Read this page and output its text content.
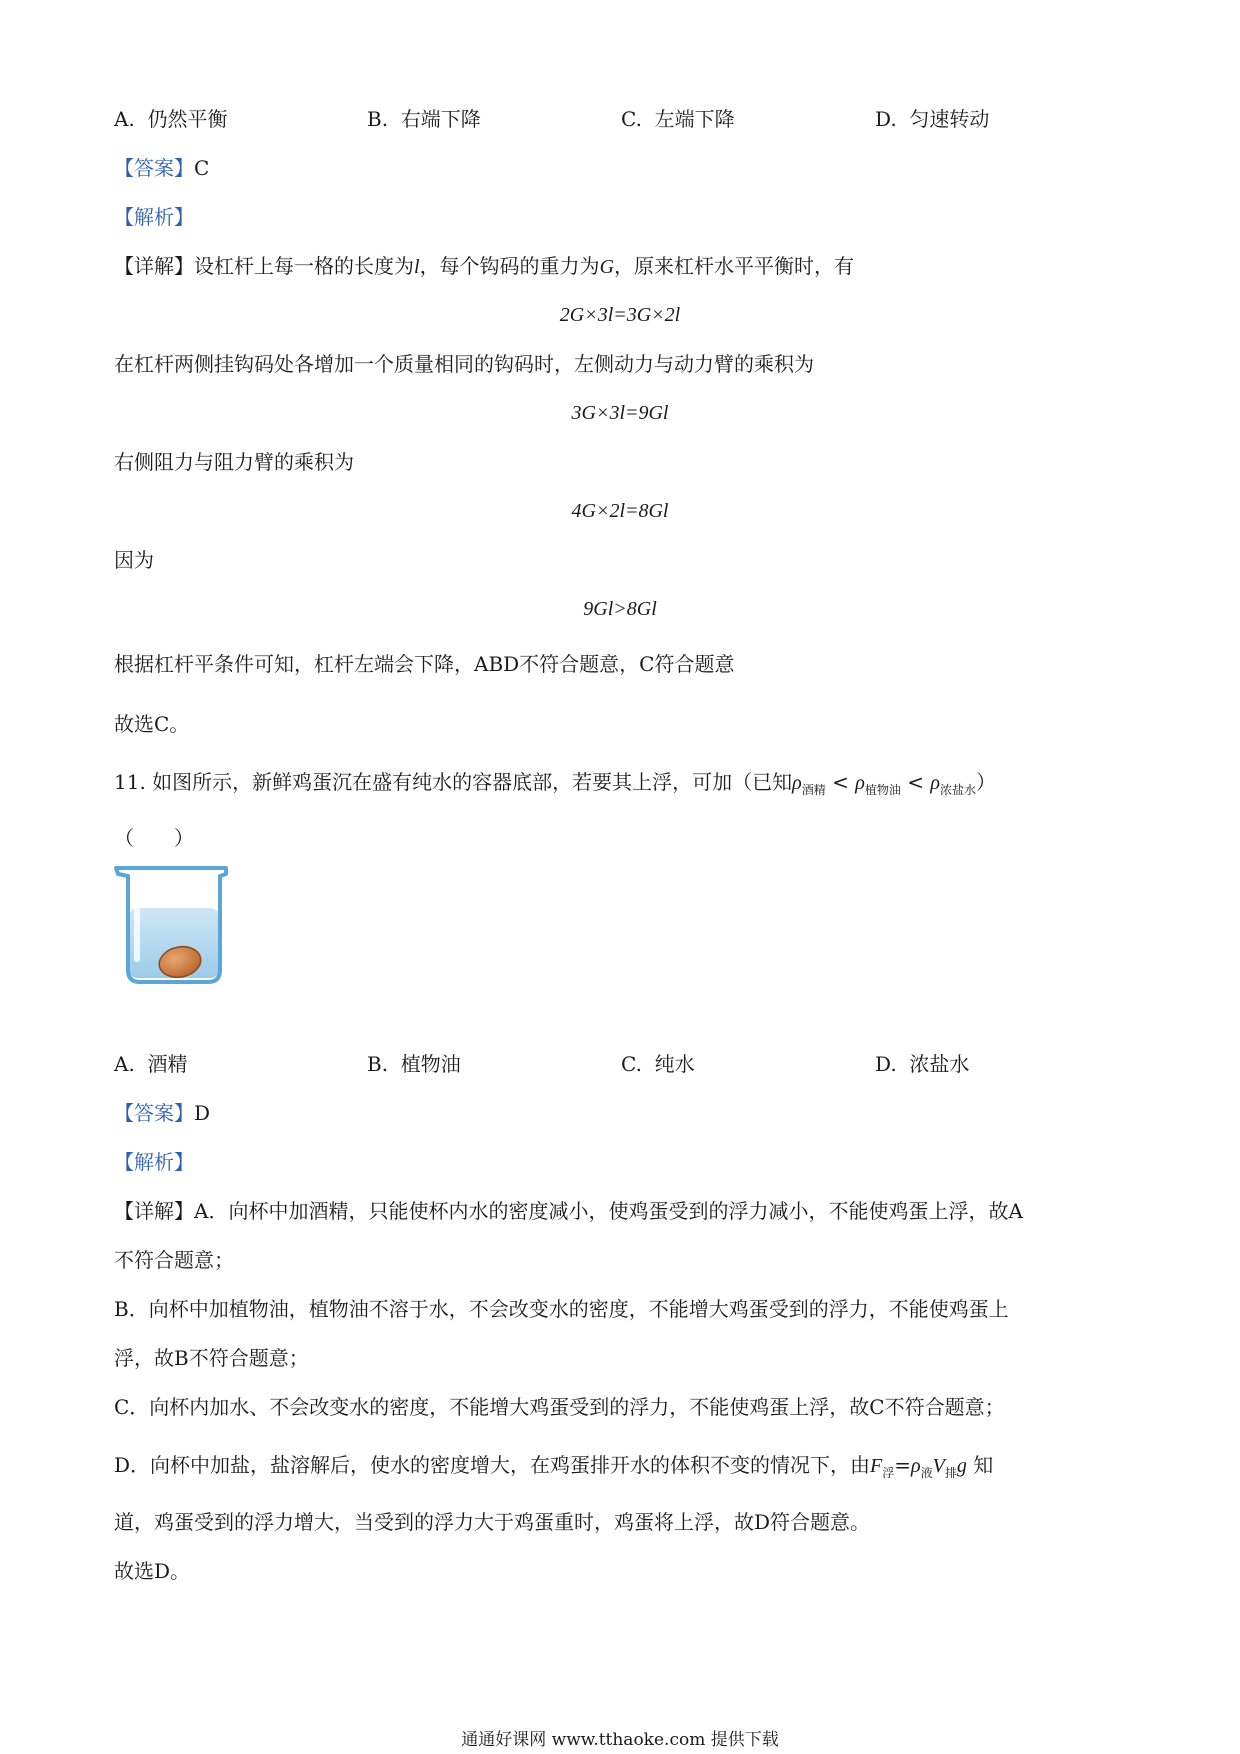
A. 仍然平衡	B. 右端下降	C. 左端下降	D. 匀速转动
【答案】C
【解析】
【详解】设杠杆上每一格的长度为l，每个钩码的重力为G，原来杠杆水平平衡时，有
2G×3l=3G×2l
在杠杆两侧挂钩码处各增加一个质量相同的钩码时，左侧动力与动力臂的乘积为
3G×3l=9Gl
右侧阻力与阻力臂的乘积为
4G×2l=8Gl
因为
9Gl>8Gl
根据杠杆平条件可知，杠杆左端会下降，ABD不符合题意，C符合题意
故选C。
11. 如图所示，新鲜鸡蛋沉在盛有纯水的容器底部，若要其上浮，可加（已知$\rho_{酒精} < \rho_{植物油} < \rho_{浓盐水}$）
（　　）
A. 酒精	B. 植物油	C. 纯水	D. 浓盐水
【答案】D
【解析】
【详解】A．向杯中加酒精，只能使杯内水的密度减小，使鸡蛋受到的浮力减小，不能使鸡蛋上浮，故A
不符合题意；
B．向杯中加植物油，植物油不溶于水，不会改变水的密度，不能增大鸡蛋受到的浮力，不能使鸡蛋上
浮，故B不符合题意；
C．向杯内加水、不会改变水的密度，不能增大鸡蛋受到的浮力，不能使鸡蛋上浮，故C不符合题意；
D．向杯中加盐，盐溶解后，使水的密度增大，在鸡蛋排开水的体积不变的情况下，由$F_浮=\rho_液V_排g$ 知
道，鸡蛋受到的浮力增大，当受到的浮力大于鸡蛋重时，鸡蛋将上浮，故D符合题意。
故选D。
通通好课网 www.tthaoke.com 提供下载
